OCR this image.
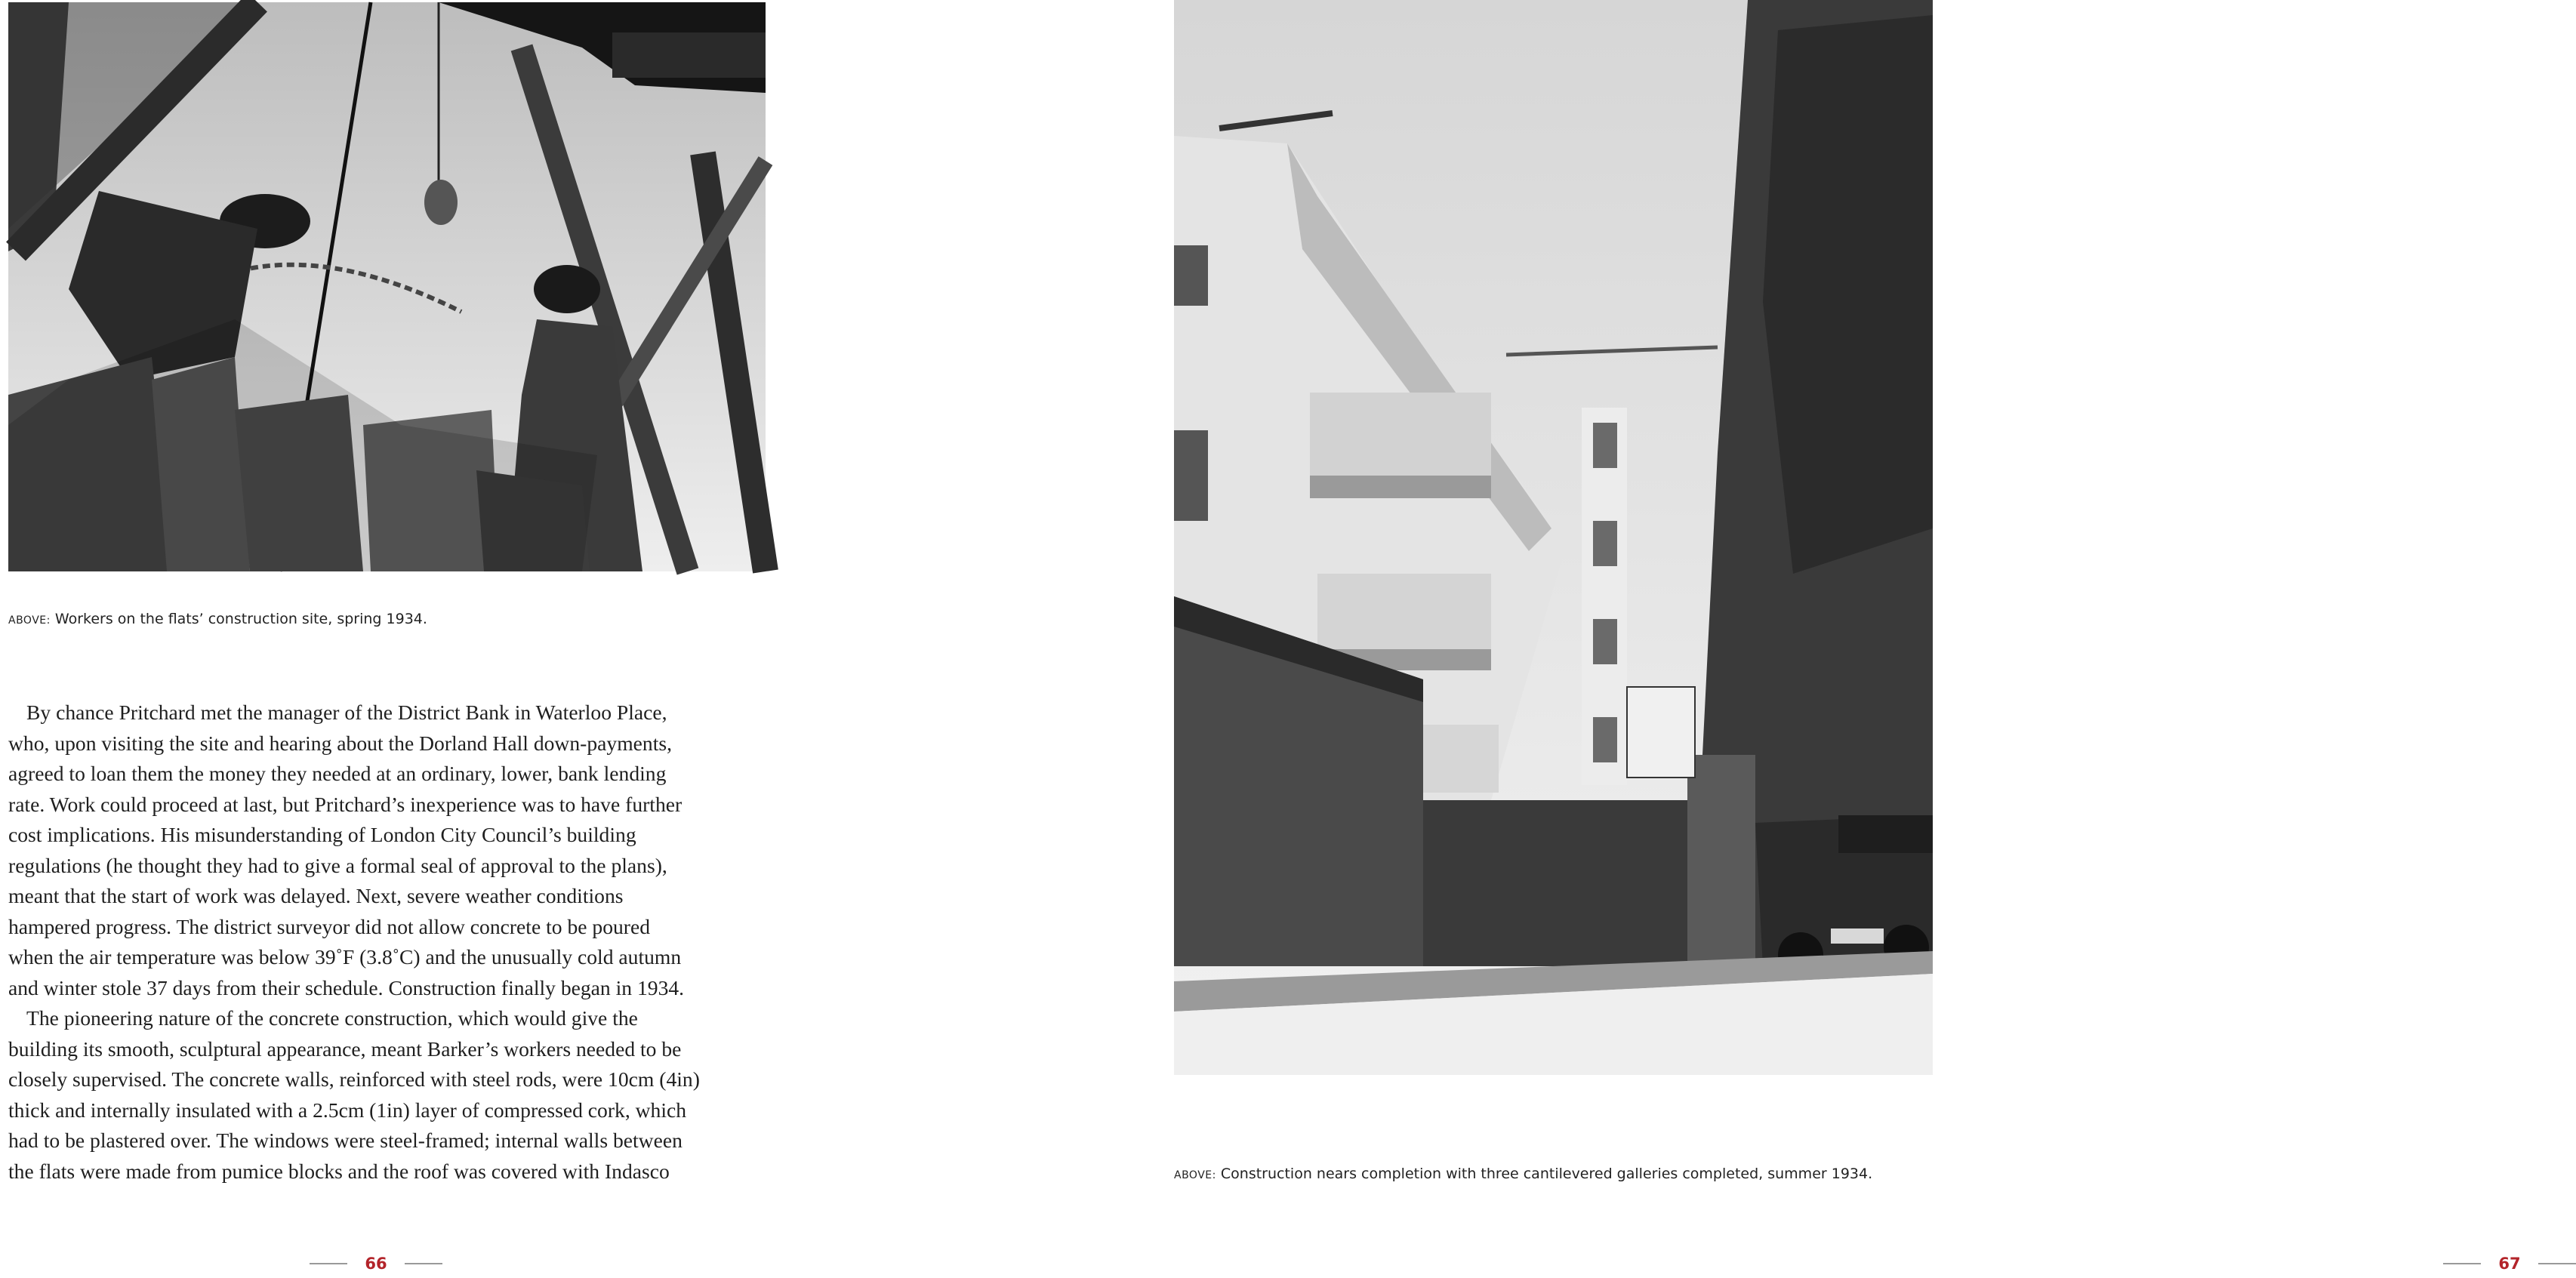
ABOVE: Workers on the flats’ construction site, spring 1934.

By chance Pritchard met the manager of the District Bank in Waterloo Place,
who, upon visiting the site and hearing about the Dorland Hall down-payments,
agreed to loan them the money they needed at an ordinary, lower, bank lending
rate. Work could proceed at last, but Pritchard’s inexperience was to have further
cost implications. His misunderstanding of London City Council’s building
regulations (he thought they had to give a formal seal of approval to the plans),
meant that the start of work was delayed. Next, severe weather conditions
hampered progress. The district surveyor did not allow concrete to be poured
when the air temperature was below 39˚F (3.8˚C) and the unusually cold autumn
and winter stole 37 days from their schedule. Construction finally began in 1934.

The pioneering nature of the concrete construction, which would give the
building its smooth, sculptural appearance, meant Barker’s workers needed to be
closely supervised. The concrete walls, reinforced with steel rods, were 10cm (4in)
thick and internally insulated with a 2.5cm (1in) layer of compressed cork, which
had to be plastered over. The windows were steel-framed; internal walls between
the flats were made from pumice blocks and the roof was covered with Indasco

66
ABOVE: Construction nears completion with three cantilevered galleries completed, summer 1934.
67
